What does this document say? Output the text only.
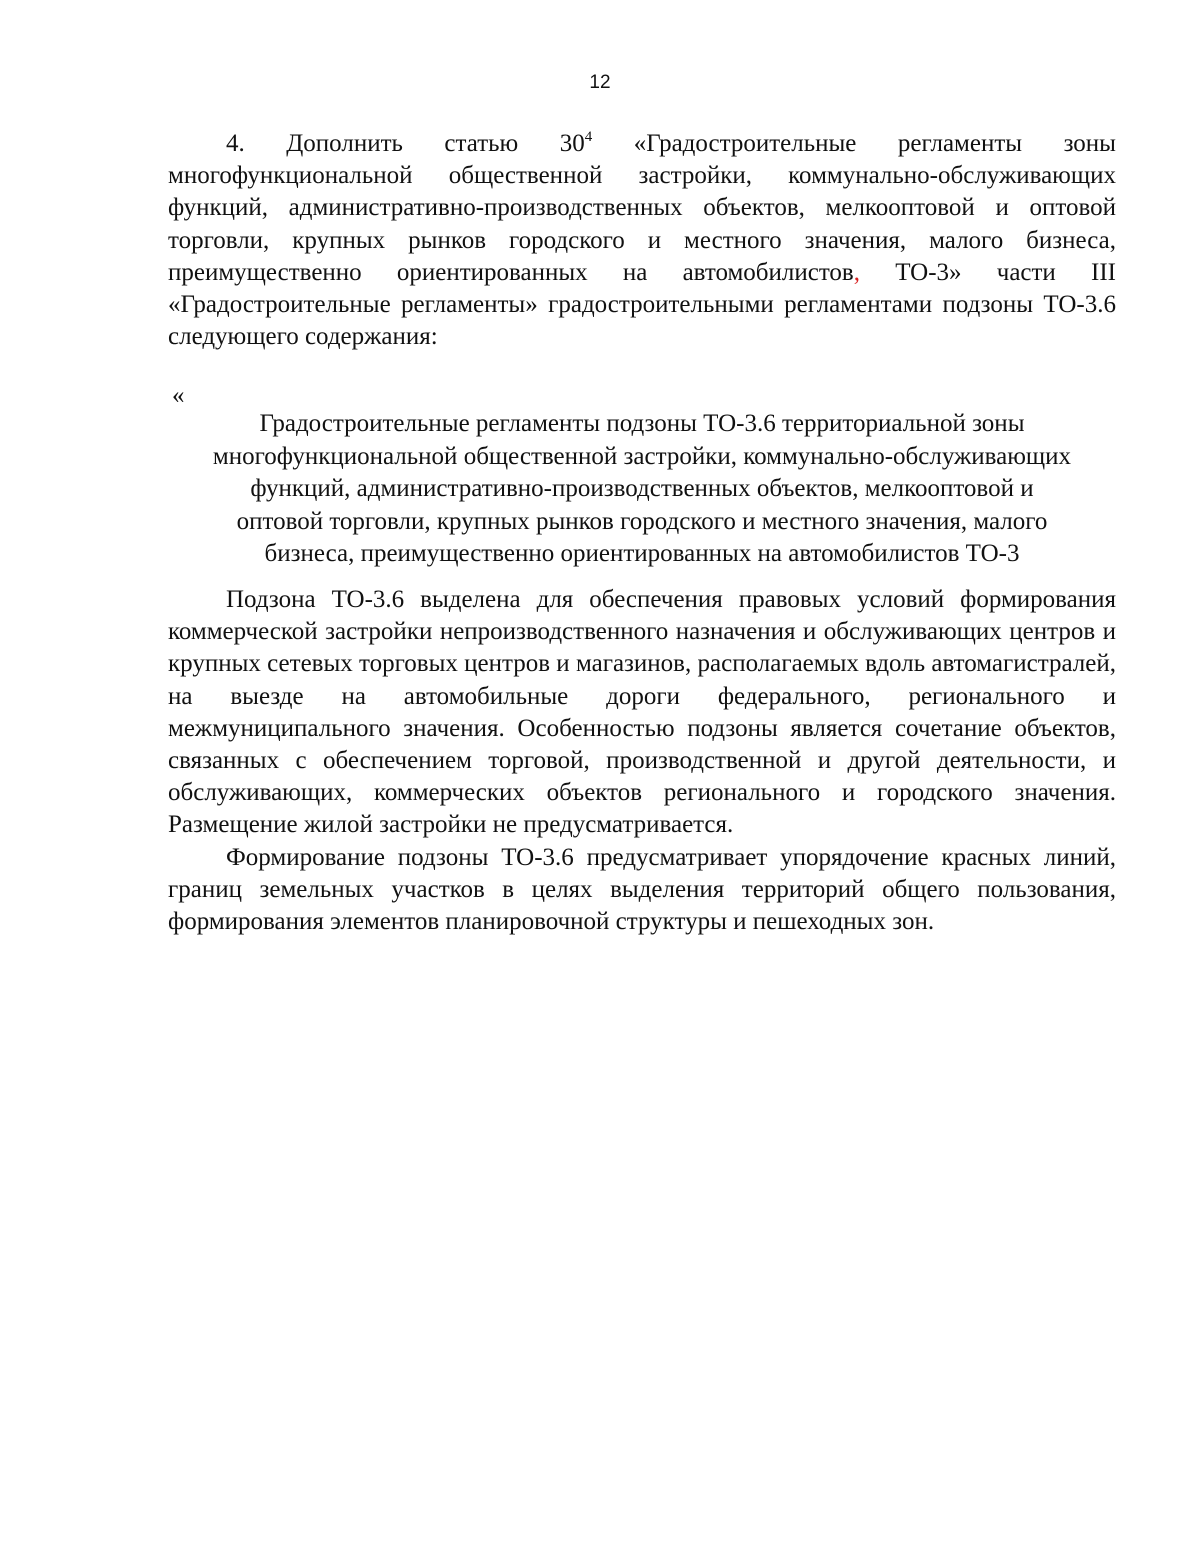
12

4. Дополнить статью $30^4$ «Градостроительные регламенты зоны многофункциональной общественной застройки, коммунально-обслуживающих функций, административно-производственных объектов, мелкооптовой и оптовой торговли, крупных рынков городского и местного значения, малого бизнеса, преимущественно ориентированных на автомобилистов, ТО-3» части III «Градостроительные регламенты» градостроительными регламентами подзоны ТО-3.6 следующего содержания:

«
Градостроительные регламенты подзоны ТО-3.6 территориальной зоны
многофункциональной общественной застройки, коммунально-обслуживающих
функций, административно-производственных объектов, мелкооптовой и
оптовой торговли, крупных рынков городского и местного значения, малого
бизнеса, преимущественно ориентированных на автомобилистов ТО-3

Подзона ТО-3.6 выделена для обеспечения правовых условий формирования коммерческой застройки непроизводственного назначения и обслуживающих центров и крупных сетевых торговых центров и магазинов, располагаемых вдоль автомагистралей, на выезде на автомобильные дороги федерального, регионального и межмуниципального значения. Особенностью подзоны является сочетание объектов, связанных с обеспечением торговой, производственной и другой деятельности, и обслуживающих, коммерческих объектов регионального и городского значения. Размещение жилой застройки не предусматривается.

Формирование подзоны ТО-3.6 предусматривает упорядочение красных линий, границ земельных участков в целях выделения территорий общего пользования, формирования элементов планировочной структуры и пешеходных зон.
